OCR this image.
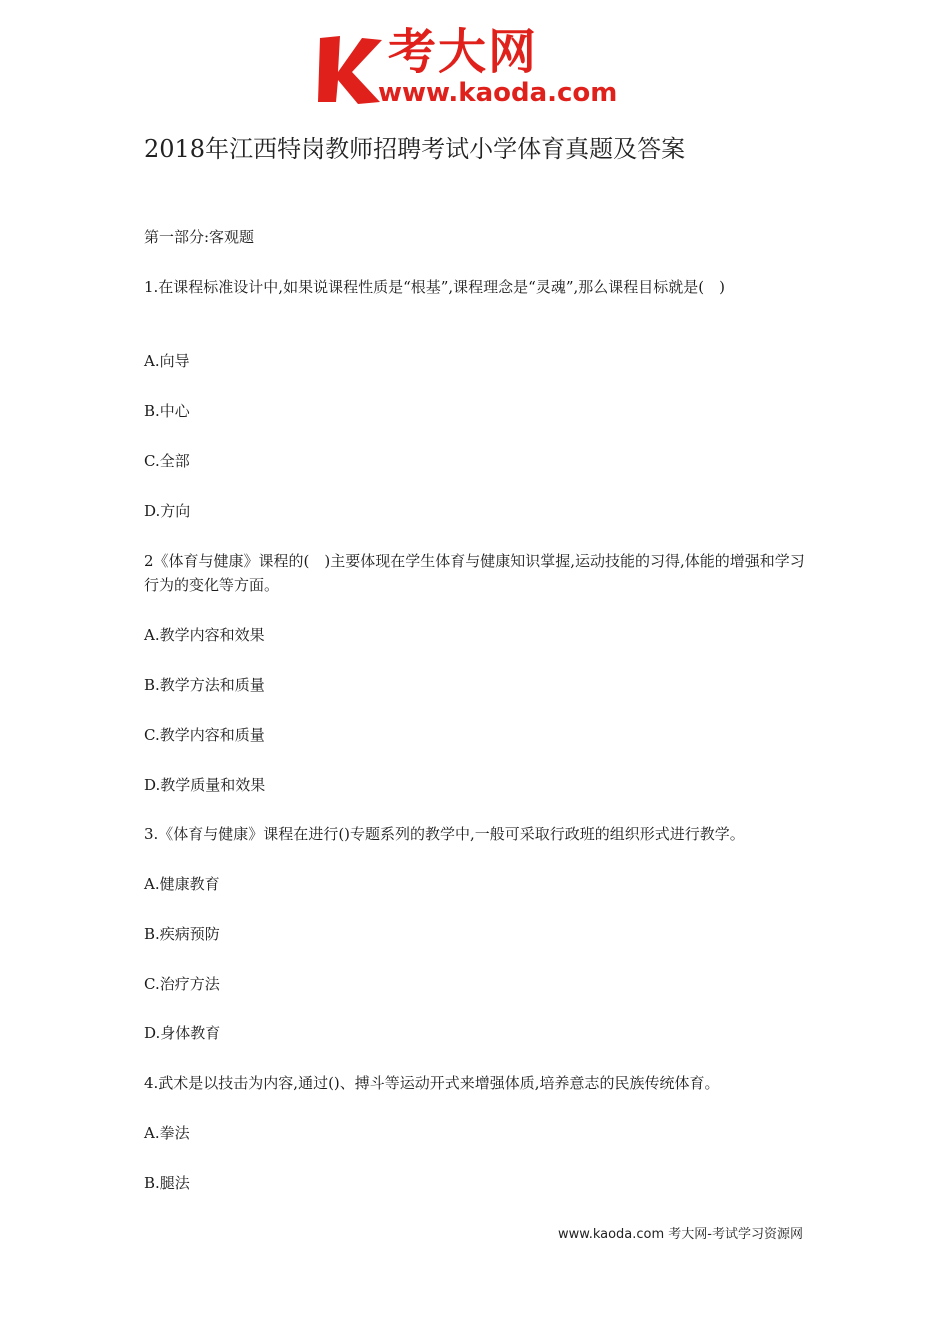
考大网
www.kaoda.com
2018年江西特岗教师招聘考试小学体育真题及答案
第一部分:客观题
1.在课程标准设计中,如果说课程性质是“根基”,课程理念是“灵魂”,那么课程目标就是(　)
A.向导
B.中心
C.全部
D.方向
2《体育与健康》课程的(　)主要体现在学生体育与健康知识掌握,运动技能的习得,体能的增强和学习行为的变化等方面。
A.教学内容和效果
B.教学方法和质量
C.教学内容和质量
D.教学质量和效果
3.《体育与健康》课程在进行()专题系列的教学中,一般可采取行政班的组织形式进行教学。
A.健康教育
B.疾病预防
C.治疗方法
D.身体教育
4.武术是以技击为内容,通过()、搏斗等运动开式来增强体质,培养意志的民族传统体育。
A.拳法
B.腿法
www.kaoda.com 考大网-考试学习资源网
